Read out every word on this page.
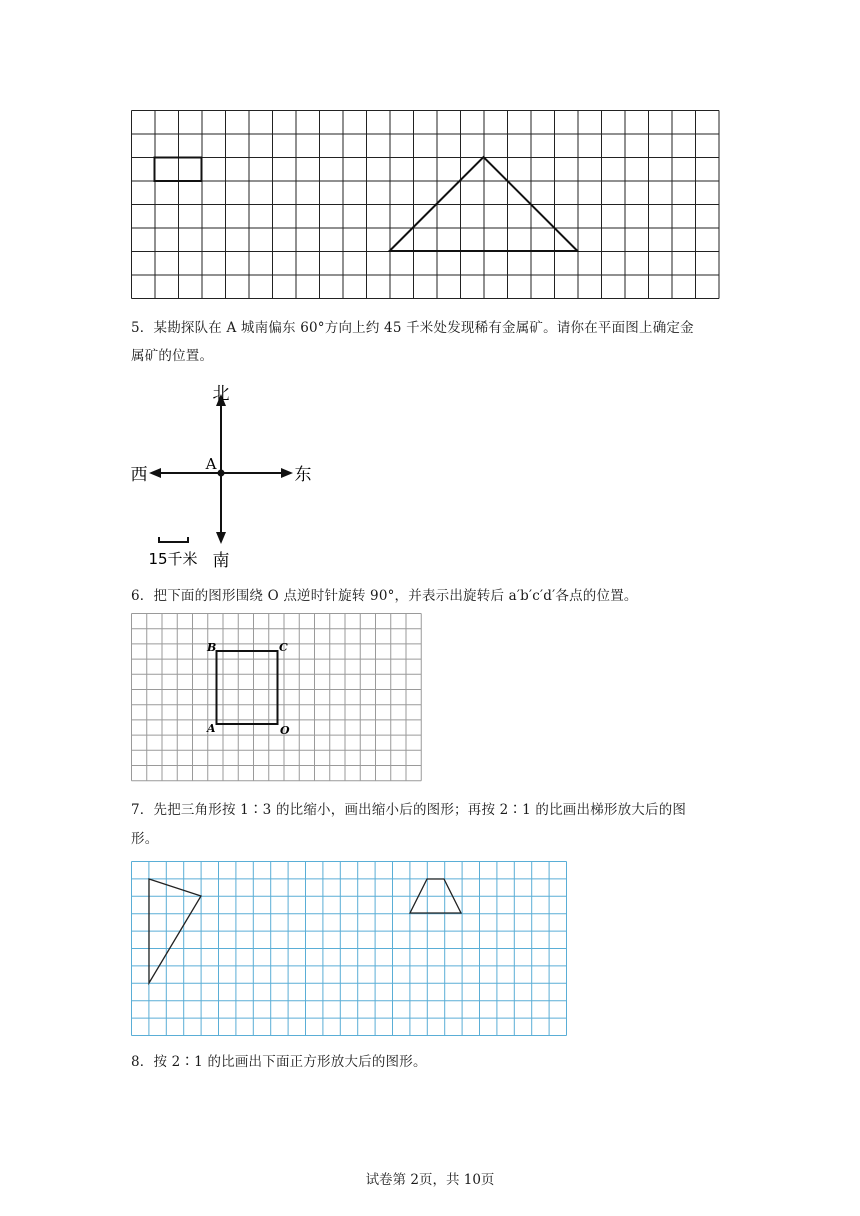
5．某勘探队在 A 城南偏东 60°方向上约 45 千米处发现稀有金属矿。请你在平面图上确定金
属矿的位置。
北
南
东
西
A
15千米
6．把下面的图形围绕 O 点逆时针旋转 90°，并表示出旋转后 a′b′c′d′各点的位置。
B	C
A	O
7．先把三角形按 1∶3 的比缩小，画出缩小后的图形；再按 2∶1 的比画出梯形放大后的图
形。
8．按 2∶1 的比画出下面正方形放大后的图形。
试卷第 2页，共 10页
